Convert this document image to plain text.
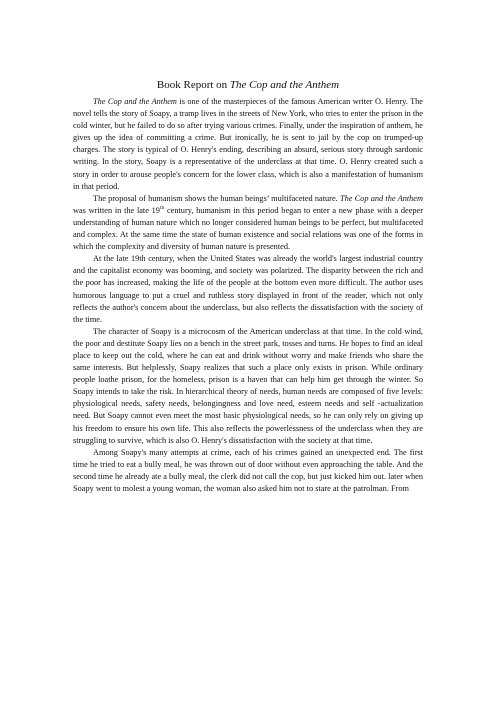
Book Report on The Cop and the Anthem

The Cop and the Anthem is one of the masterpieces of the famous American writer O. Henry. The novel tells the story of Soapy, a tramp lives in the streets of New York, who tries to enter the prison in the cold winter, but he failed to do so after trying various crimes. Finally, under the inspiration of anthem, he gives up the idea of committing a crime. But ironically, he is sent to jail by the cop on trumped-up charges. The story is typical of O. Henry's ending, describing an absurd, serious story through sardonic writing. In the story, Soapy is a representative of the underclass at that time. O. Henry created such a story in order to arouse people's concern for the lower class, which is also a manifestation of humanism in that period.

The proposal of humanism shows the human beings’ multifaceted nature. The Cop and the Anthem was written in the late 19th century, humanism in this period began to enter a new phase with a deeper understanding of human nature which no longer considered human beings to be perfect, but multifaceted and complex. At the same time the state of human existence and social relations was one of the forms in which the complexity and diversity of human nature is presented.

At the late 19th century, when the United States was already the world's largest industrial country and the capitalist economy was booming, and society was polarized. The disparity between the rich and the poor has increased, making the life of the people at the bottom even more difficult. The author uses humorous language to put a cruel and ruthless story displayed in front of the reader, which not only reflects the author's concern about the underclass, but also reflects the dissatisfaction with the society of the time.

The character of Soapy is a microcosm of the American underclass at that time. In the cold wind, the poor and destitute Soapy lies on a bench in the street park, tosses and turns. He hopes to find an ideal place to keep out the cold, where he can eat and drink without worry and make friends who share the same interests. But helplessly, Soapy realizes that such a place only exists in prison. While ordinary people loathe prison, for the homeless, prison is a haven that can help him get through the winter. So Soapy intends to take the risk. In hierarchical theory of needs, human needs are composed of five levels: physiological needs, safety needs, belongingness and love need, esteem needs and self -actualization need. But Soapy cannot even meet the most basic physiological needs, so he can only rely on giving up his freedom to ensure his own life. This also reflects the powerlessness of the underclass when they are struggling to survive, which is also O. Henry's dissatisfaction with the society at that time.

Among Soapy's many attempts at crime, each of his crimes gained an unexpected end. The first time he tried to eat a bully meal, he was thrown out of door without even approaching the table. And the second time he already ate a bully meal, the clerk did not call the cop, but just kicked him out. later when Soapy went to molest a young woman, the woman also asked him not to stare at the patrolman. From
